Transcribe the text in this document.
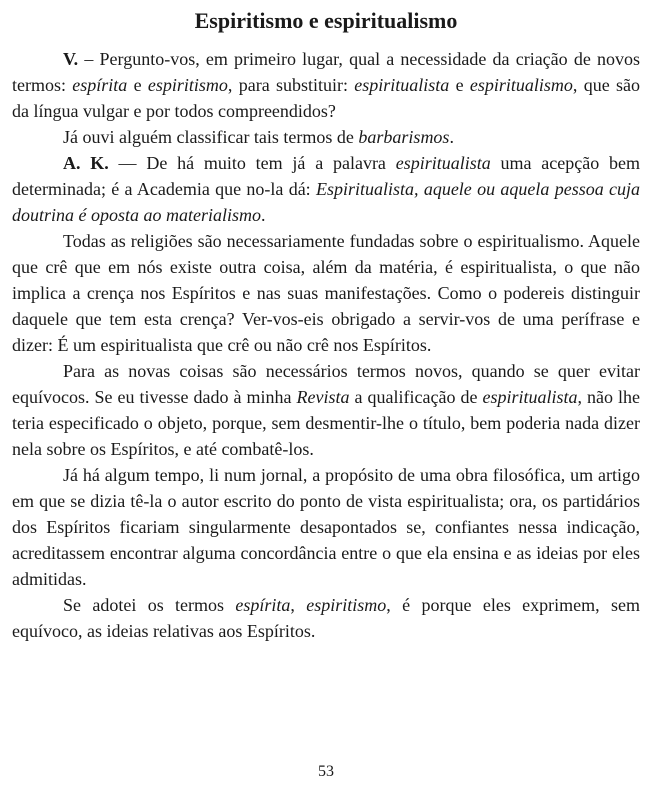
Espiritismo e espiritualismo

V. – Pergunto-vos, em primeiro lugar, qual a necessidade da criação de novos termos: espírita e espiritismo, para substituir: espiritualista e espiritualismo, que são da língua vulgar e por todos compreendidos?

Já ouvi alguém classificar tais termos de barbarismos.

A. K. — De há muito tem já a palavra espiritualista uma acepção bem determinada; é a Academia que no-la dá: Espiritualista, aquele ou aquela pessoa cuja doutrina é oposta ao materialismo.

Todas as religiões são necessariamente fundadas sobre o espiritualismo. Aquele que crê que em nós existe outra coisa, além da matéria, é espiritualista, o que não implica a crença nos Espíritos e nas suas manifestações. Como o podereis distinguir daquele que tem esta crença? Ver-vos-eis obrigado a servir-vos de uma perífrase e dizer: É um espiritualista que crê ou não crê nos Espíritos.

Para as novas coisas são necessários termos novos, quando se quer evitar equívocos. Se eu tivesse dado à minha Revista a qualificação de espiritualista, não lhe teria especificado o objeto, porque, sem desmentir-lhe o título, bem poderia nada dizer nela sobre os Espíritos, e até combatê-los.

Já há algum tempo, li num jornal, a propósito de uma obra filosófica, um artigo em que se dizia tê-la o autor escrito do ponto de vista espiritualista; ora, os partidários dos Espíritos ficariam singularmente desapontados se, confiantes nessa indicação, acreditassem encontrar alguma concordância entre o que ela ensina e as ideias por eles admitidas.

Se adotei os termos espírita, espiritismo, é porque eles exprimem, sem equívoco, as ideias relativas aos Espíritos.

53
